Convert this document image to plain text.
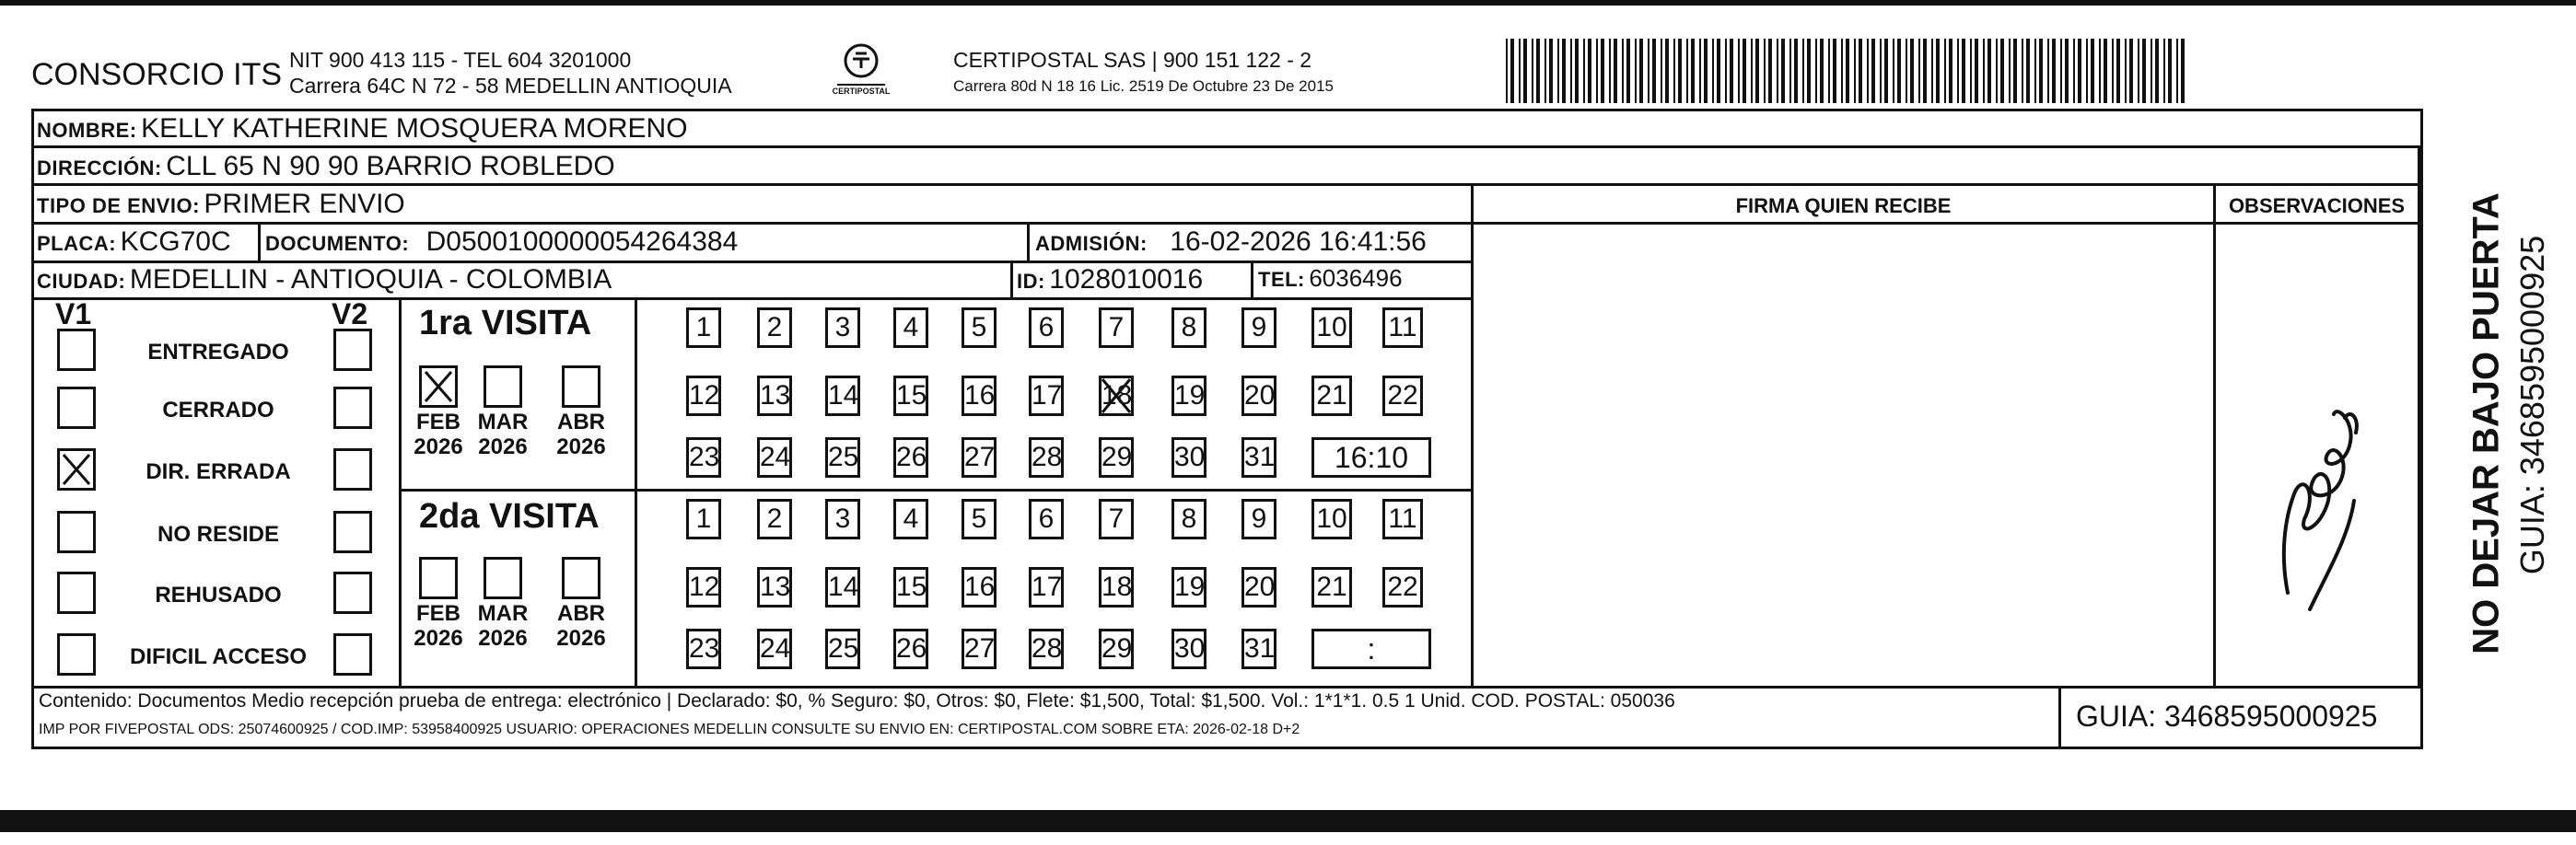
CONSORCIO ITS NIT 900 413 115 - TEL 604 3201000
Carrera 64C N 72 - 58 MEDELLIN ANTIOQUIA	CERTIPOSTAL
CERTIPOSTAL SAS | 900 151 122 - 2
Carrera 80d N 18 16 Lic. 2519 De Octubre 23 De 2015
NOMBRE: KELLY KATHERINE MOSQUERA MORENO
DIRECCIÓN: CLL 65 N 90 90 BARRIO ROBLEDO
TIPO DE ENVIO: PRIMER ENVIO	FIRMA QUIEN RECIBE	OBSERVACIONES
PLACA: KCG70C DOCUMENTO: D0500100000054264384	ADMISIÓN: 16-02-2026 16:41:56
CIUDAD: MEDELLIN - ANTIOQUIA - COLOMBIA	ID: 1028010016	TEL: 6036496
V1	V2
ENTREGADO
CERRADO
DIR. ERRADA
NO RESIDE
REHUSADO
DIFICIL ACCESO
1ra VISITA
2da VISITA
FEB
2026
MAR
2026
ABR
2026
1	2	3	4	5	6	7	8	9	10 11
12 13 14 15 16 17 18 19 20 21 22
23 24 25 26 27 28 29 30 31	16:10
FEB
2026
MAR
2026
ABR
2026
1	2	3	4	5	6	7	8	9	10 11
12 13 14 15 16 17 18 19 20 21 22
23 24 25 26 27 28 29 30 31	:
Contenido: Documentos Medio recepción prueba de entrega: electrónico | Declarado: $0, % Seguro: $0, Otros: $0, Flete: $1,500, Total: $1,500. Vol.: 1*1*1. 0.5 1 Unid. COD. POSTAL: 050036
IMP POR FIVEPOSTAL ODS: 25074600925 / COD.IMP: 53958400925 USUARIO: OPERACIONES MEDELLIN CONSULTE SU ENVIO EN: CERTIPOSTAL.COM SOBRE ETA: 2026-02-18 D+2	GUIA: 3468595000925
NO DEJAR BAJO PUERTA GUIA: 3468595000925
